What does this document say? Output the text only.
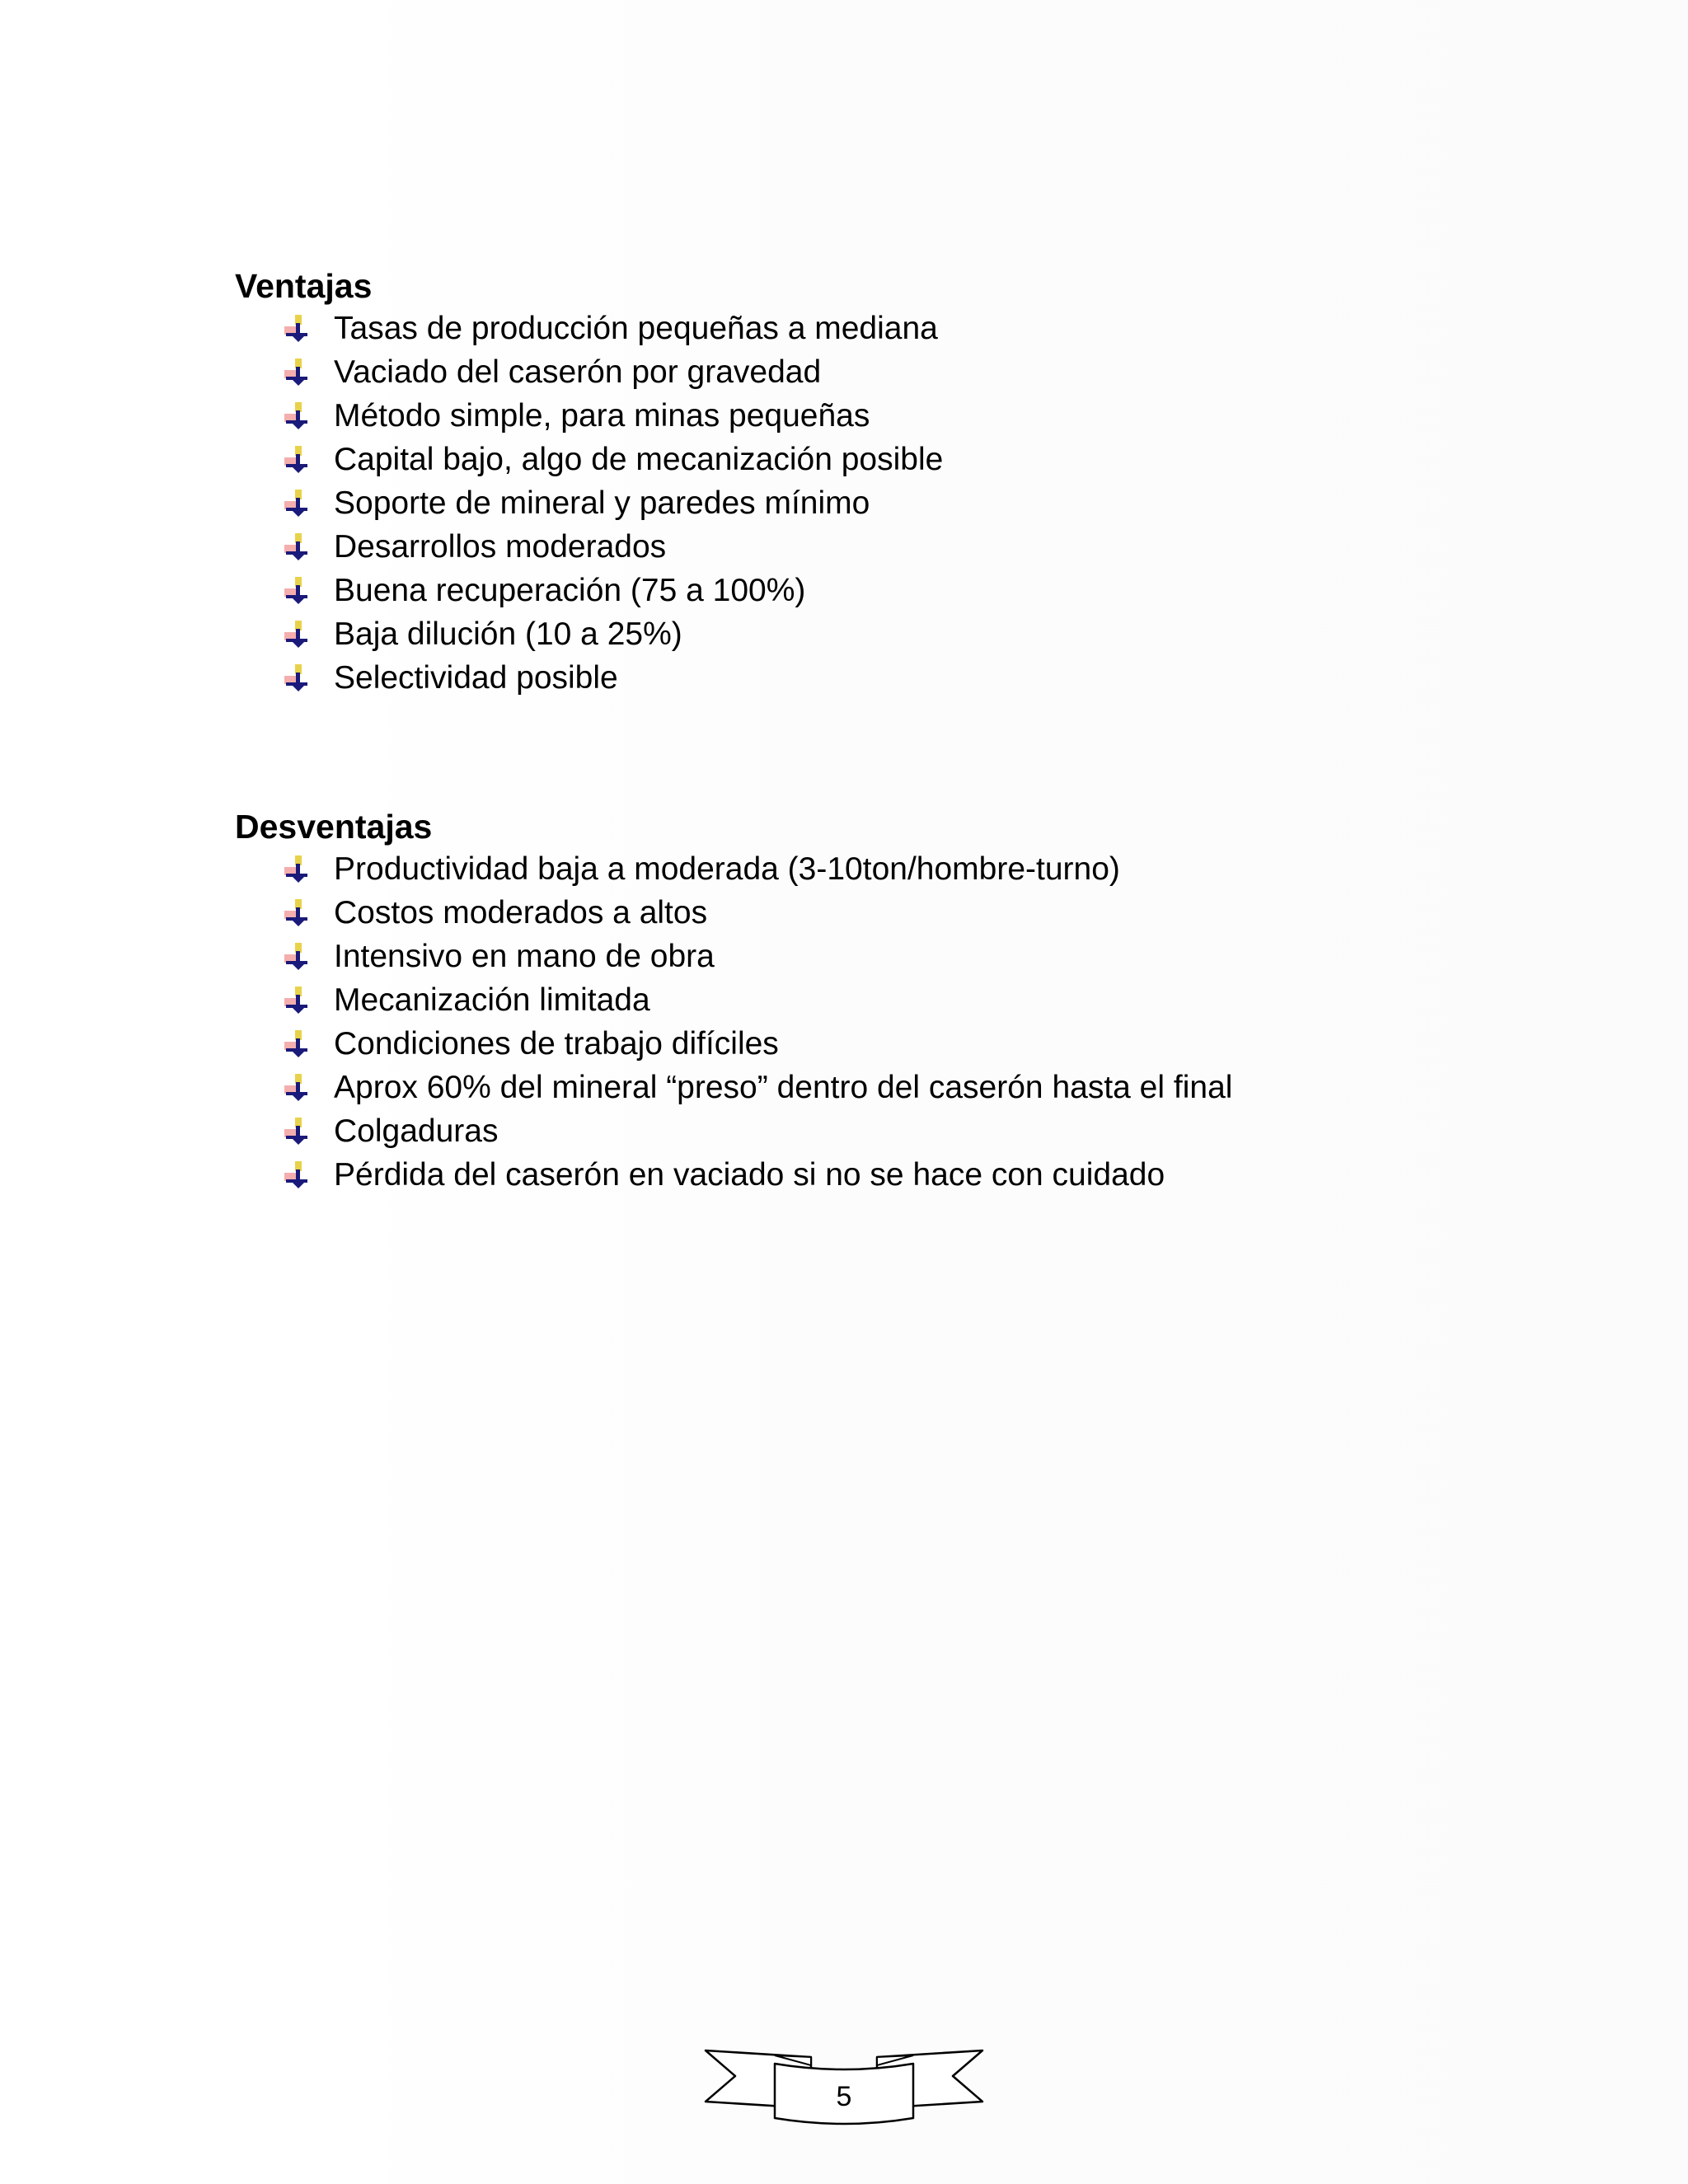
Ventajas
Tasas de producción pequeñas a mediana
Vaciado del caserón por gravedad
Método simple, para minas pequeñas
Capital bajo, algo de mecanización posible
Soporte de mineral y paredes mínimo
Desarrollos moderados
Buena recuperación (75 a 100%)
Baja dilución (10 a 25%)
Selectividad posible
Desventajas
Productividad baja a moderada (3-10ton/hombre-turno)
Costos moderados a altos
Intensivo en mano de obra
Mecanización limitada
Condiciones de trabajo difíciles
Aprox 60% del mineral “preso” dentro del caserón hasta el final
Colgaduras
Pérdida del caserón en vaciado si no se hace con cuidado
5
